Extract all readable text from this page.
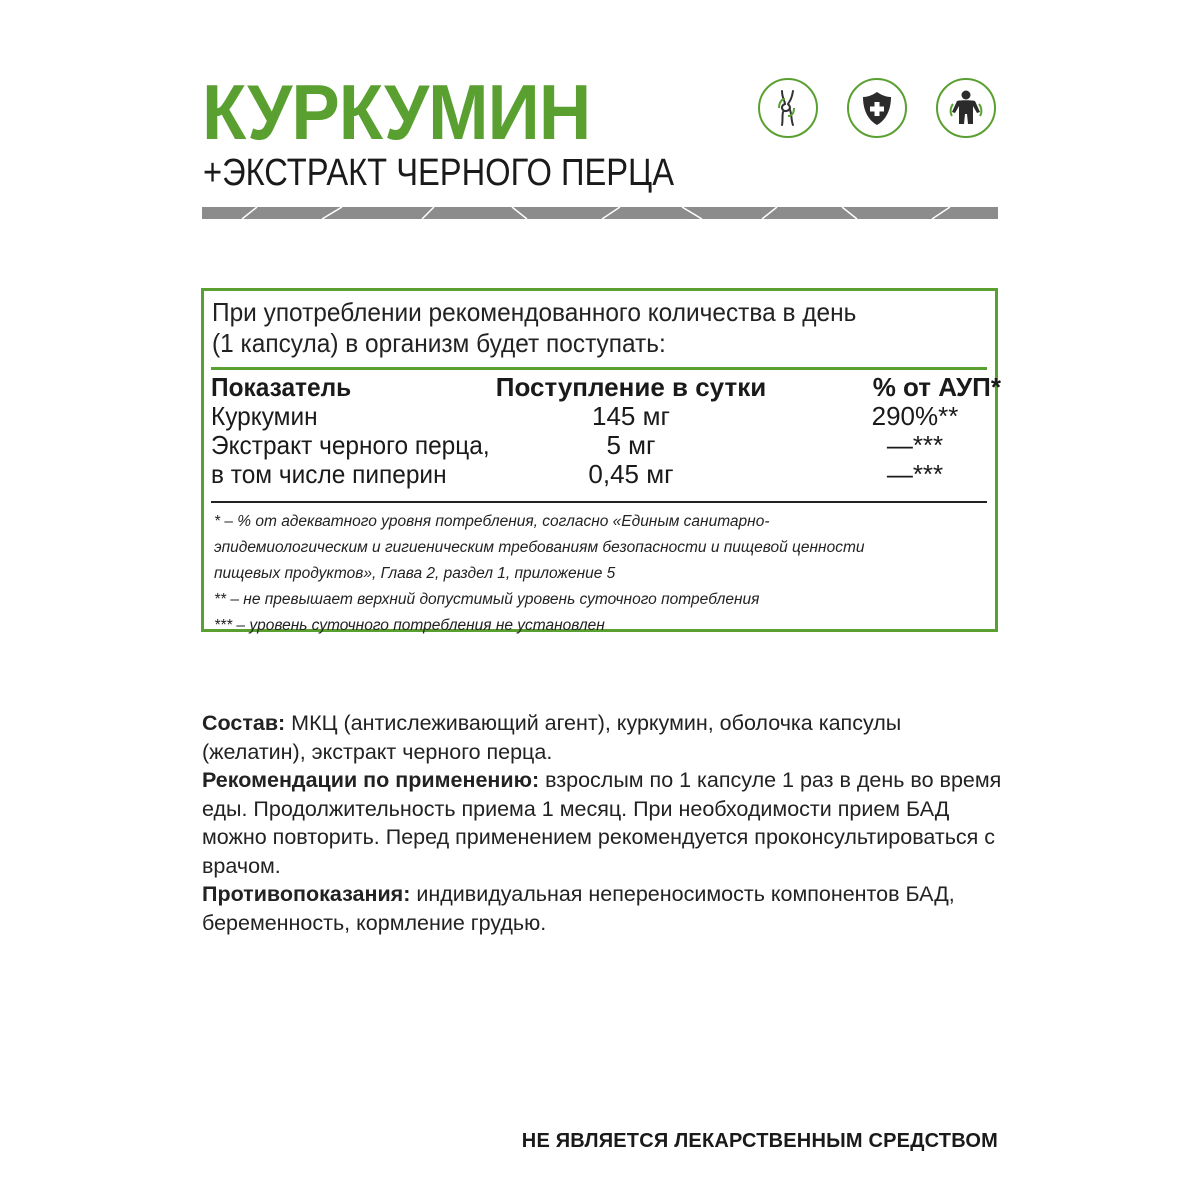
КУРКУМИН
+ЭКСТРАКТ ЧЕРНОГО ПЕРЦА
При употреблении рекомендованного количества в день
(1 капсула) в организм будет поступать:
Показатель	Поступление в сутки	% от АУП*
Куркумин	145 мг	290%**
Экстракт черного перца,	5 мг	—***
в том числе пиперин	0,45 мг	—***
* – % от адекватного уровня потребления, согласно «Единым санитарно-
эпидемиологическим и гигиеническим требованиям безопасности и пищевой ценности
пищевых продуктов», Глава 2, раздел 1, приложение 5
** – не превышает верхний допустимый уровень суточного потребления
*** – уровень суточного потребления не установлен

Состав: МКЦ (антислеживающий агент), куркумин, оболочка капсулы (желатин), экстракт черного перца.

Рекомендации по применению: взрослым по 1 капсуле 1 раз в день во время еды. Продолжительность приема 1 месяц. При необходимости прием БАД можно повторить. Перед применением рекомендуется проконсультироваться с врачом.

Противопоказания: индивидуальная непереносимость компонентов БАД, беременность, кормление грудью.

НЕ ЯВЛЯЕТСЯ ЛЕКАРСТВЕННЫМ СРЕДСТВОМ
